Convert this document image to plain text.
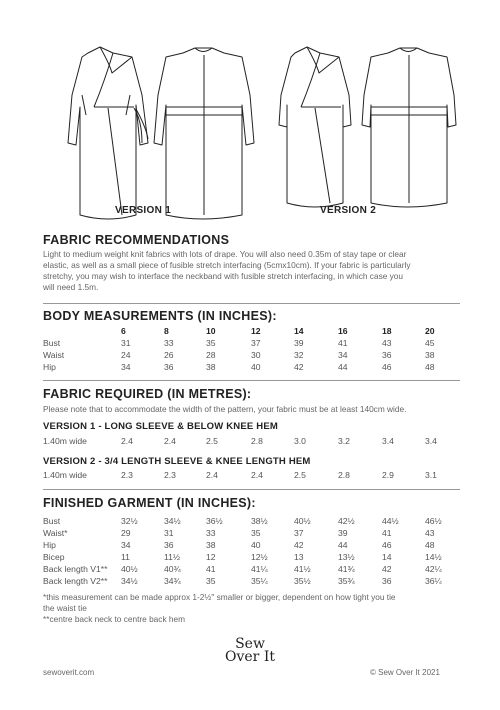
VERSION 1	VERSION 2
FABRIC RECOMMENDATIONS
Light to medium weight knit fabrics with lots of drape. You will also need 0.35m of stay tape or clear
elastic, as well as a small piece of fusible stretch interfacing (5cmx10cm). If your fabric is particularly
stretchy, you may wish to interface the neckband with fusible stretch interfacing, in which case you
will need 1.5m.
BODY MEASUREMENTS (IN INCHES):
6	8	10	12	14	16	18	20
Bust	31	33	35	37	39	41	43	45
Waist	24	26	28	30	32	34	36	38
Hip	34	36	38	40	42	44	46	48
FABRIC REQUIRED (IN METRES):
Please note that to accommodate the width of the pattern, your fabric must be at least 140cm wide.
VERSION 1 - LONG SLEEVE & BELOW KNEE HEM
1.40m wide	2.4	2.4	2.5	2.8	3.0	3.2	3.4	3.4
VERSION 2 - 3/4 LENGTH SLEEVE & KNEE LENGTH HEM
1.40m wide	2.3	2.3	2.4	2.4	2.5	2.8	2.9	3.1
FINISHED GARMENT (IN INCHES):
Bust	32½	34½	36½	38½	40½	42½	44½	46½
Waist*	29	31	33	35	37	39	41	43
Hip	34	36	38	40	42	44	46	48
Bicep	11	11½	12	12½	13	13½	14	14½
Back length V1** 40½	40¾	41	41¼	41½	41¾	42	42¼
Back length V2** 34½	34¾	35	35¼	35½	35¾	36	36¼
*this measurement can be made approx 1-2½" smaller or bigger, dependent on how tight you tie
the waist tie
**centre back neck to centre back hem
sewoverit.com
Sew
Over It
© Sew Over It 2021
